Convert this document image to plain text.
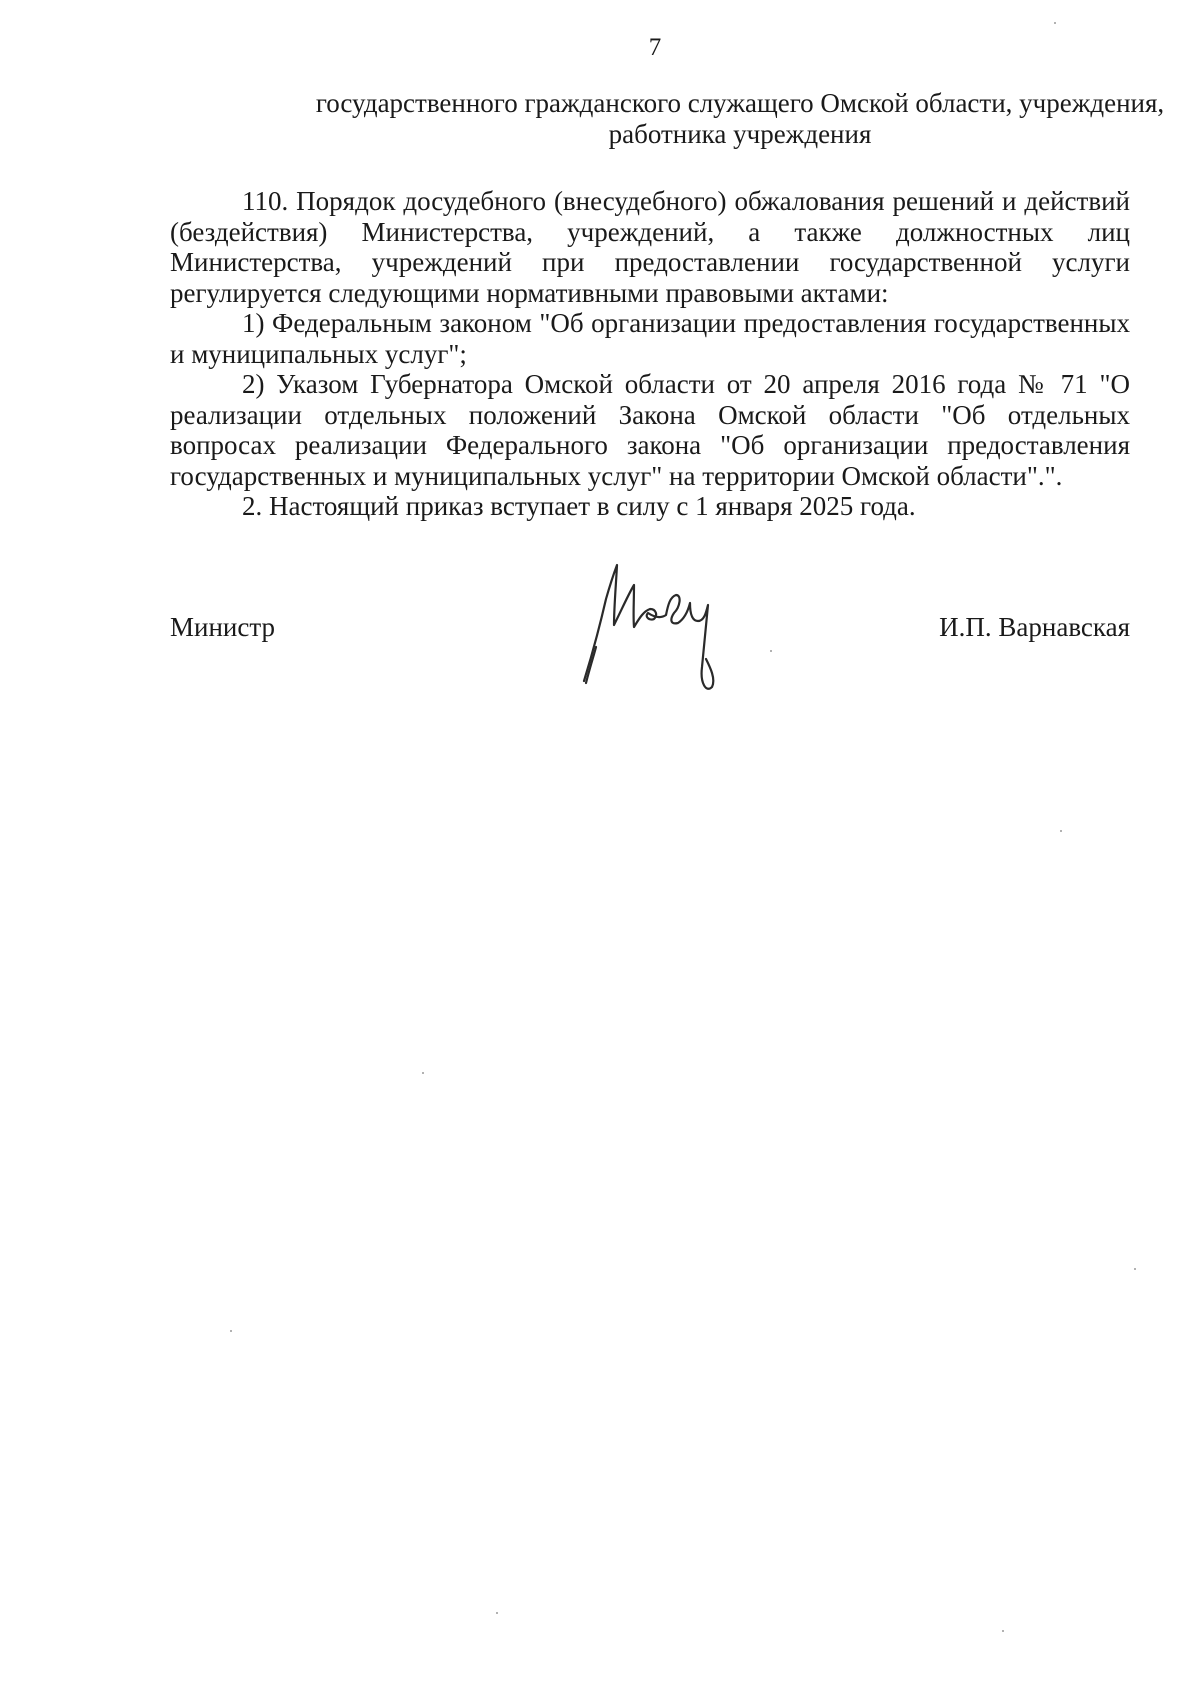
7
государственного гражданского служащего Омской области, учреждения,
работника учреждения

110. Порядок досудебного (внесудебного) обжалования решений и действий (бездействия) Министерства, учреждений, а также должностных лиц Министерства, учреждений при предоставлении государственной услуги регулируется следующими нормативными правовыми актами:

1) Федеральным законом "Об организации предоставления государственных и муниципальных услуг";

2) Указом Губернатора Омской области от 20 апреля 2016 года № 71 "О реализации отдельных положений Закона Омской области "Об отдельных вопросах реализации Федерального закона "Об организации предоставления государственных и муниципальных услуг" на территории Омской области".".

2. Настоящий приказ вступает в силу с 1 января 2025 года.

Министр	И.П. Варнавская
